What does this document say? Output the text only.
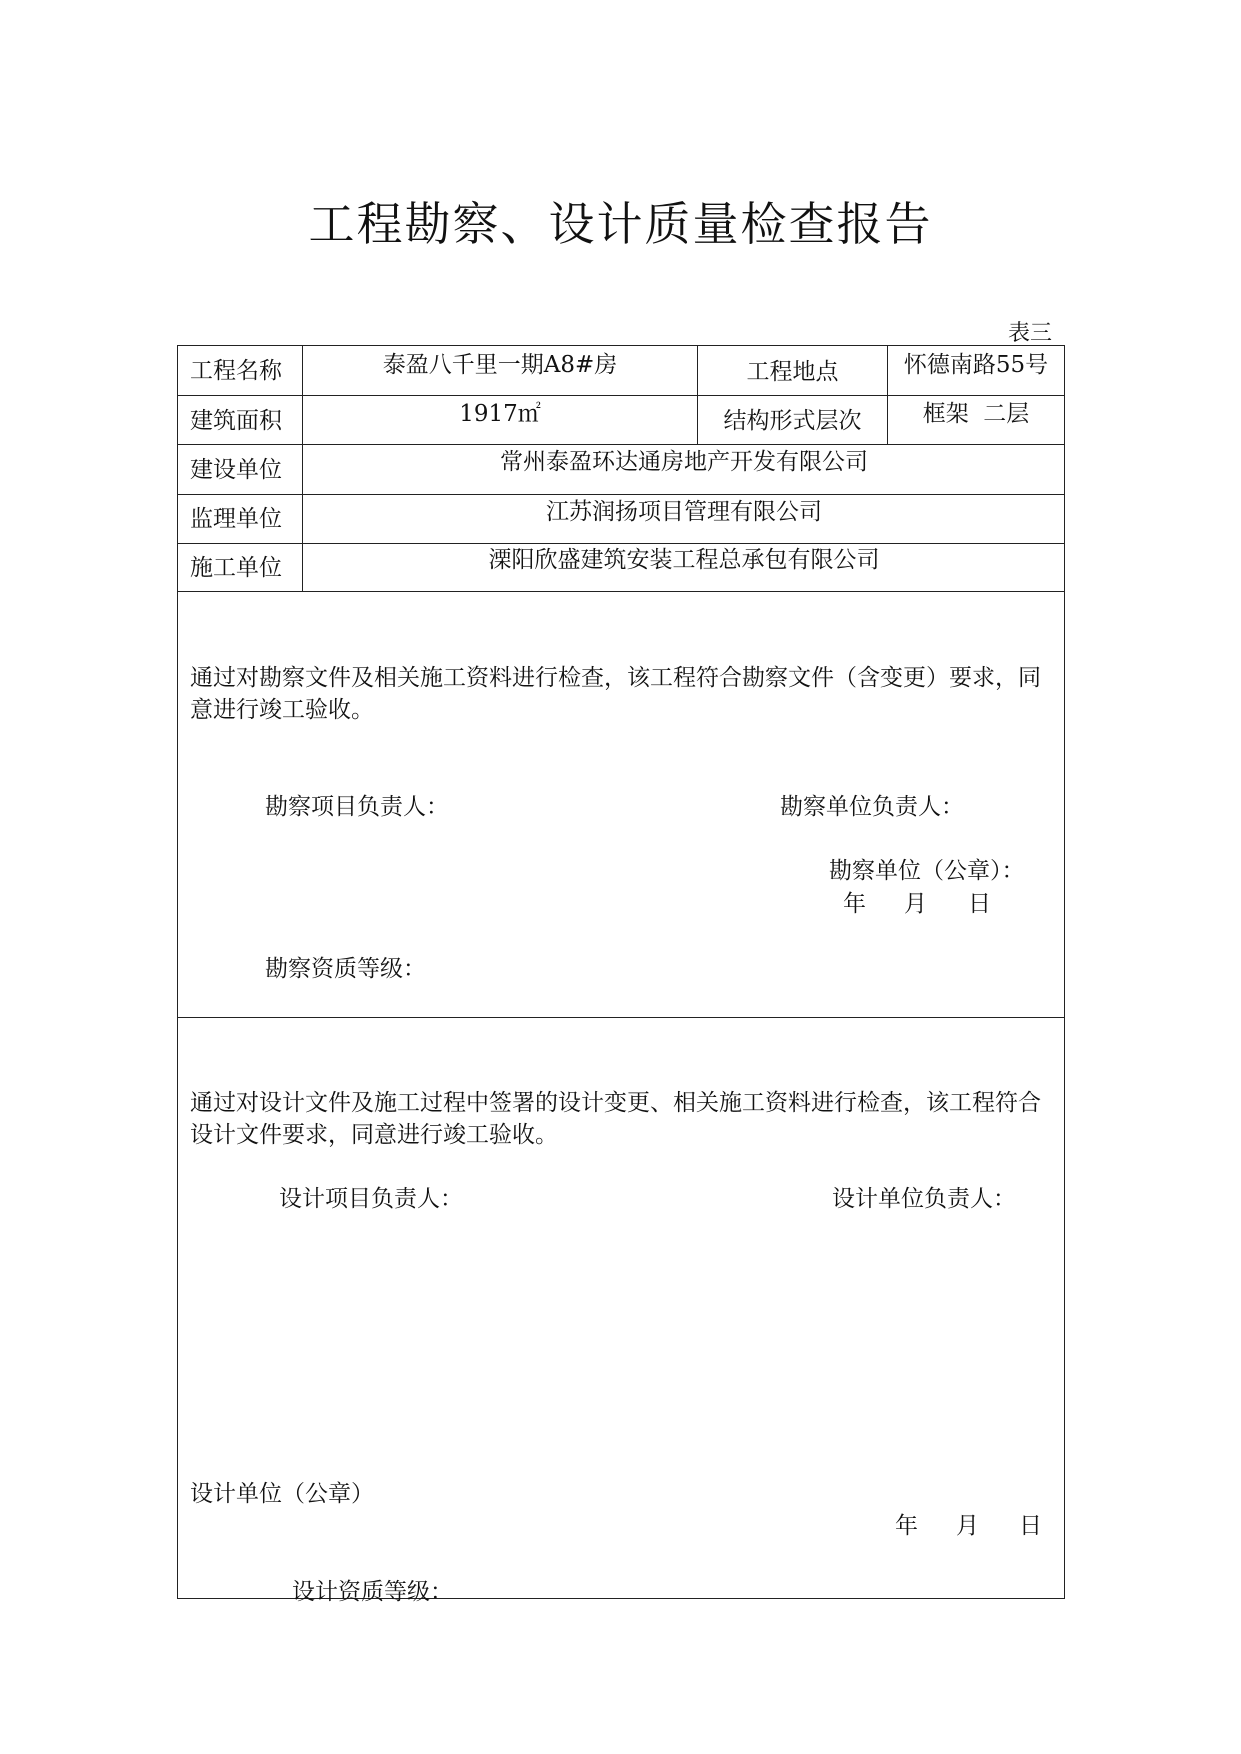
工程勘察、设计质量检查报告
表三
工程名称	泰盈八千里一期A8#房	工程地点	怀德南路55号
建筑面积	1917㎡	结构形式层次	框架  二层
建设单位	常州泰盈环达通房地产开发有限公司
监理单位	江苏润扬项目管理有限公司
施工单位	溧阳欣盛建筑安装工程总承包有限公司
通过对勘察文件及相关施工资料进行检查，该工程符合勘察文件（含变更）要求，同意进行竣工验收。
勘察项目负责人：	勘察单位负责人：
勘察单位（公章）：
年 月 日
勘察资质等级：
通过对设计文件及施工过程中签署的设计变更、相关施工资料进行检查，该工程符合设计文件要求，同意进行竣工验收。
设计项目负责人：	设计单位负责人：
设计单位（公章）
年 月 日
设计资质等级：
